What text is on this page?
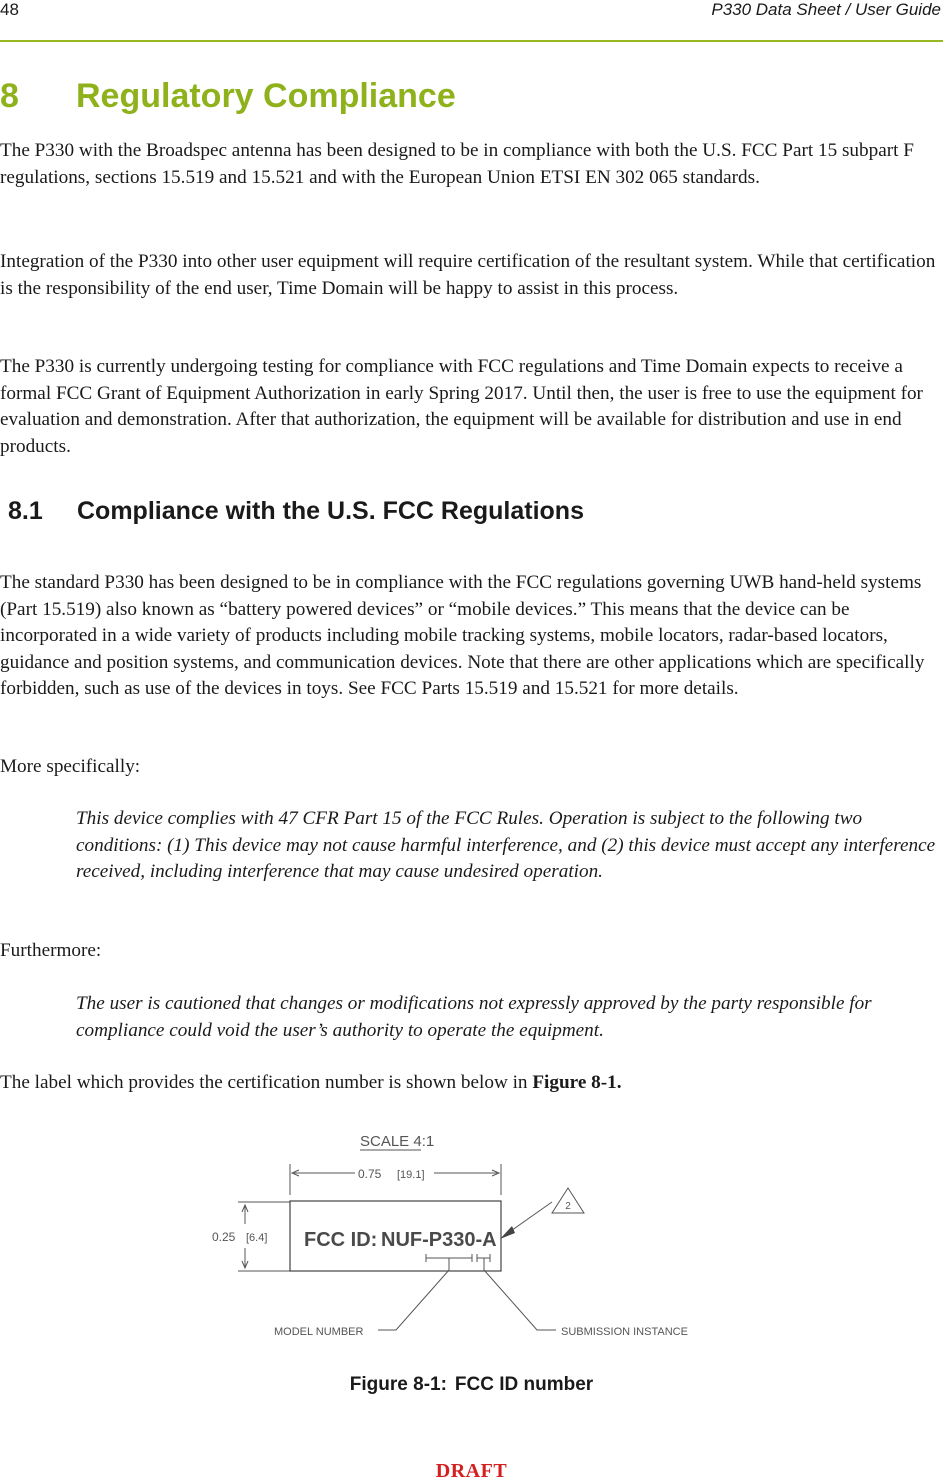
48	P330 Data Sheet / User Guide
8 Regulatory Compliance

The P330 with the Broadspec antenna has been designed to be in compliance with both the U.S. FCC Part 15 subpart F regulations, sections 15.519 and 15.521 and with the European Union ETSI EN 302 065 standards.

Integration of the P330 into other user equipment will require certification of the resultant system. While that certification is the responsibility of the end user, Time Domain will be happy to assist in this process.

The P330 is currently undergoing testing for compliance with FCC regulations and Time Domain expects to receive a formal FCC Grant of Equipment Authorization in early Spring 2017. Until then, the user is free to use the equipment for evaluation and demonstration. After that authorization, the equipment will be available for distribution and use in end products.

8.1 Compliance with the U.S. FCC Regulations

The standard P330 has been designed to be in compliance with the FCC regulations governing UWB hand-held systems (Part 15.519) also known as “battery powered devices” or “mobile devices.” This means that the device can be incorporated in a wide variety of products including mobile tracking systems, mobile locators, radar-based locators, guidance and position systems, and communication devices. Note that there are other applications which are specifically forbidden, such as use of the devices in toys. See FCC Parts 15.519 and 15.521 for more details.

More specifically:

This device complies with 47 CFR Part 15 of the FCC Rules. Operation is subject to the following two conditions: (1) This device may not cause harmful interference, and (2) this device must accept any interference received, including interference that may cause undesired operation.

Furthermore:

The user is cautioned that changes or modifications not expressly approved by the party responsible for compliance could void the user’s authority to operate the equipment.

The label which provides the certification number is shown below in Figure 8-1.

SCALE 4:1
0.75 [19.1]
0.25 [6.4] FCC ID: NUF-P330-A
2
MODEL NUMBER	SUBMISSION INSTANCE
Figure 8-1: FCC ID number
DRAFT
